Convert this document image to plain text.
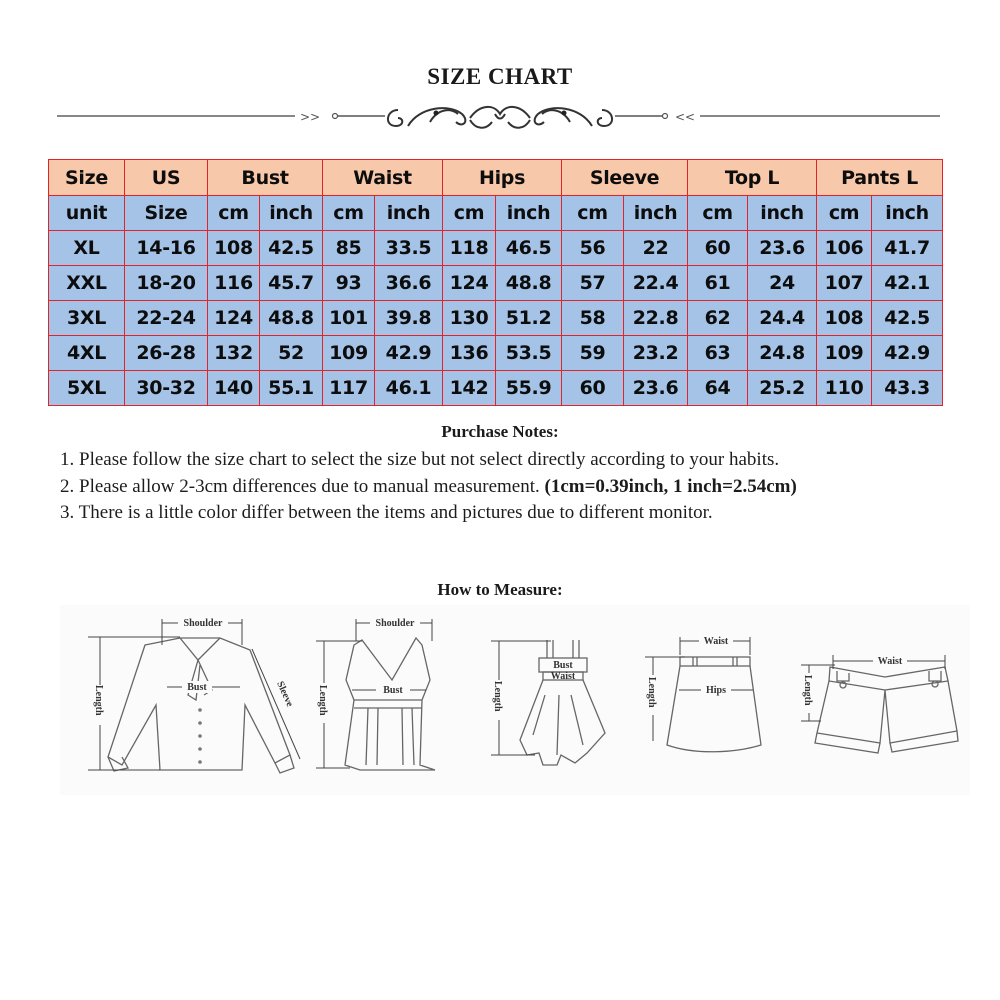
SIZE CHART
>>	<<
Size	US	Bust		Waist		Hips		Sleeve		Top L		Pants L	
unit	Size	cm	inch	cm	inch	cm	inch	cm	inch	cm	inch	cm	inch
XL	14-16	108	42.5	85	33.5	118	46.5	56	22	60	23.6	106	41.7
XXL	18-20	116	45.7	93	36.6	124	48.8	57	22.4	61	24	107	42.1
3XL	22-24	124	48.8	101	39.8	130	51.2	58	22.8	62	24.4	108	42.5
4XL	26-28	132	52	109	42.9	136	53.5	59	23.2	63	24.8	109	42.9
5XL	30-32	140	55.1	117	46.1	142	55.9	60	23.6	64	25.2	110	43.3
Purchase Notes:

1. Please follow the size chart to select the size but not select directly according to your habits.

2. Please allow 2-3cm differences due to manual measurement. (1cm=0.39inch, 1 inch=2.54cm)

3. There is a little color differ between the items and pictures due to different monitor.

How to Measure:
Shoulder
Bust
Length	Sleeve
Shoulder
Bust
Length
Bust
Waist
Length
Waist
Hips
Length
Waist
Length
